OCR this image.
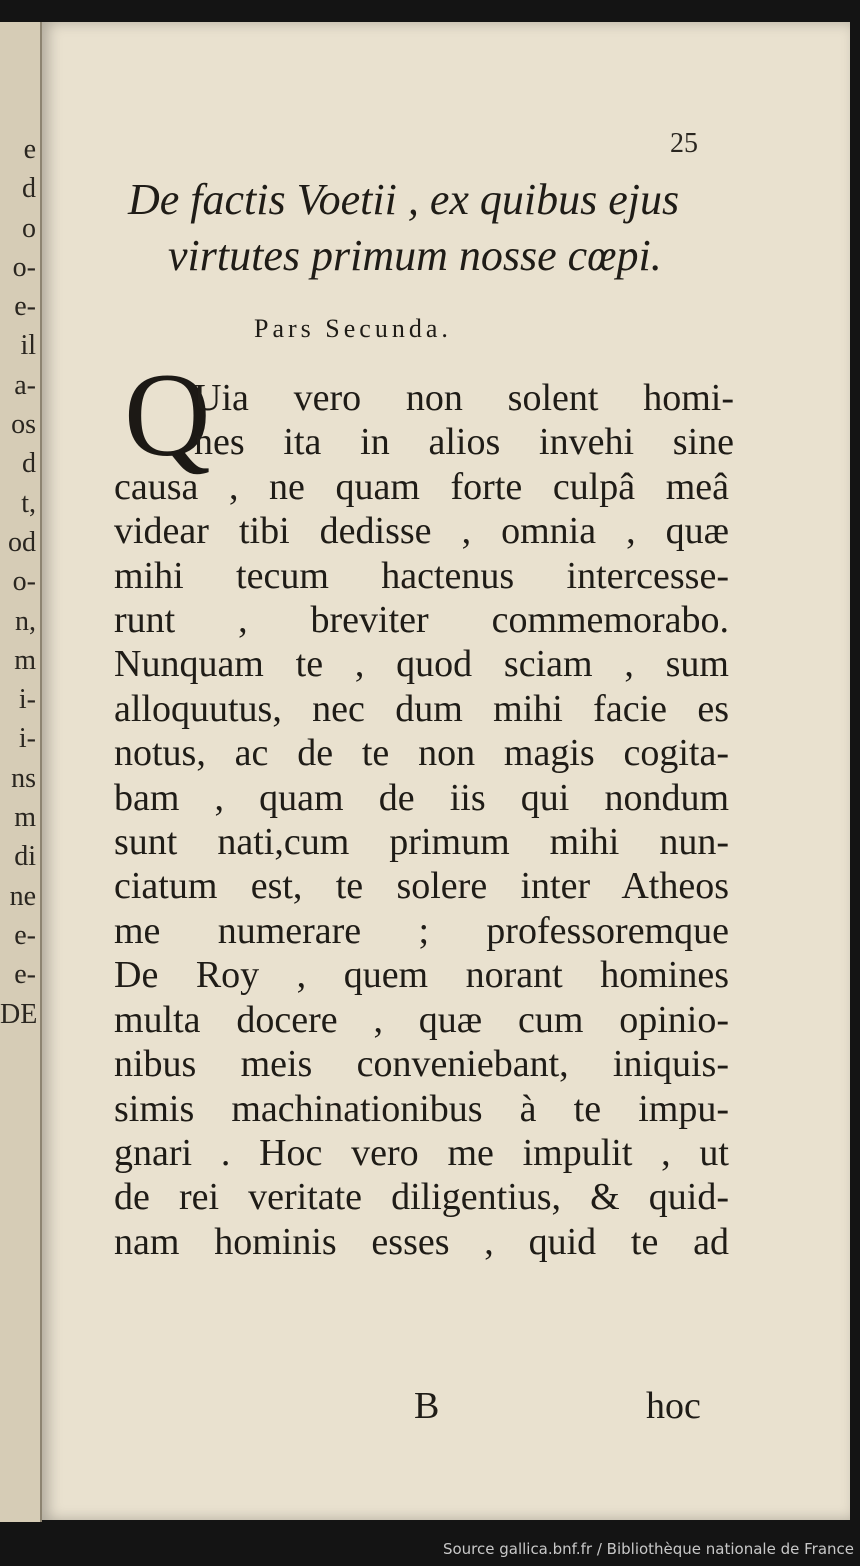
e
d
o
o-
e-
il
a-
os
d
t,
od
o-
n,
m
i-
i-
ns
m
di
ne
e-
e-
DE
25
De factis Voetii , ex quibus ejus
virtutes primum nosse cœpi.
Pars Secunda.
Q
Uia vero non solent homi-
nes ita in alios invehi sine
causa , ne quam forte culpâ meâ
videar tibi dedisse , omnia , quæ
mihi tecum hactenus intercesse-
runt , breviter commemorabo.
Nunquam te , quod sciam , sum
alloquutus, nec dum mihi facie es
notus, ac de te non magis cogita-
bam , quam de iis qui nondum
sunt nati,cum primum mihi nun-
ciatum est, te solere inter Atheos
me numerare ; professoremque
De Roy , quem norant homines
multa docere , quæ cum opinio-
nibus meis conveniebant, iniquis-
simis machinationibus à te impu-
gnari . Hoc vero me impulit , ut
de rei veritate diligentius, & quid-
nam hominis esses , quid te ad
B	hoc
Source gallica.bnf.fr / Bibliothèque nationale de France
